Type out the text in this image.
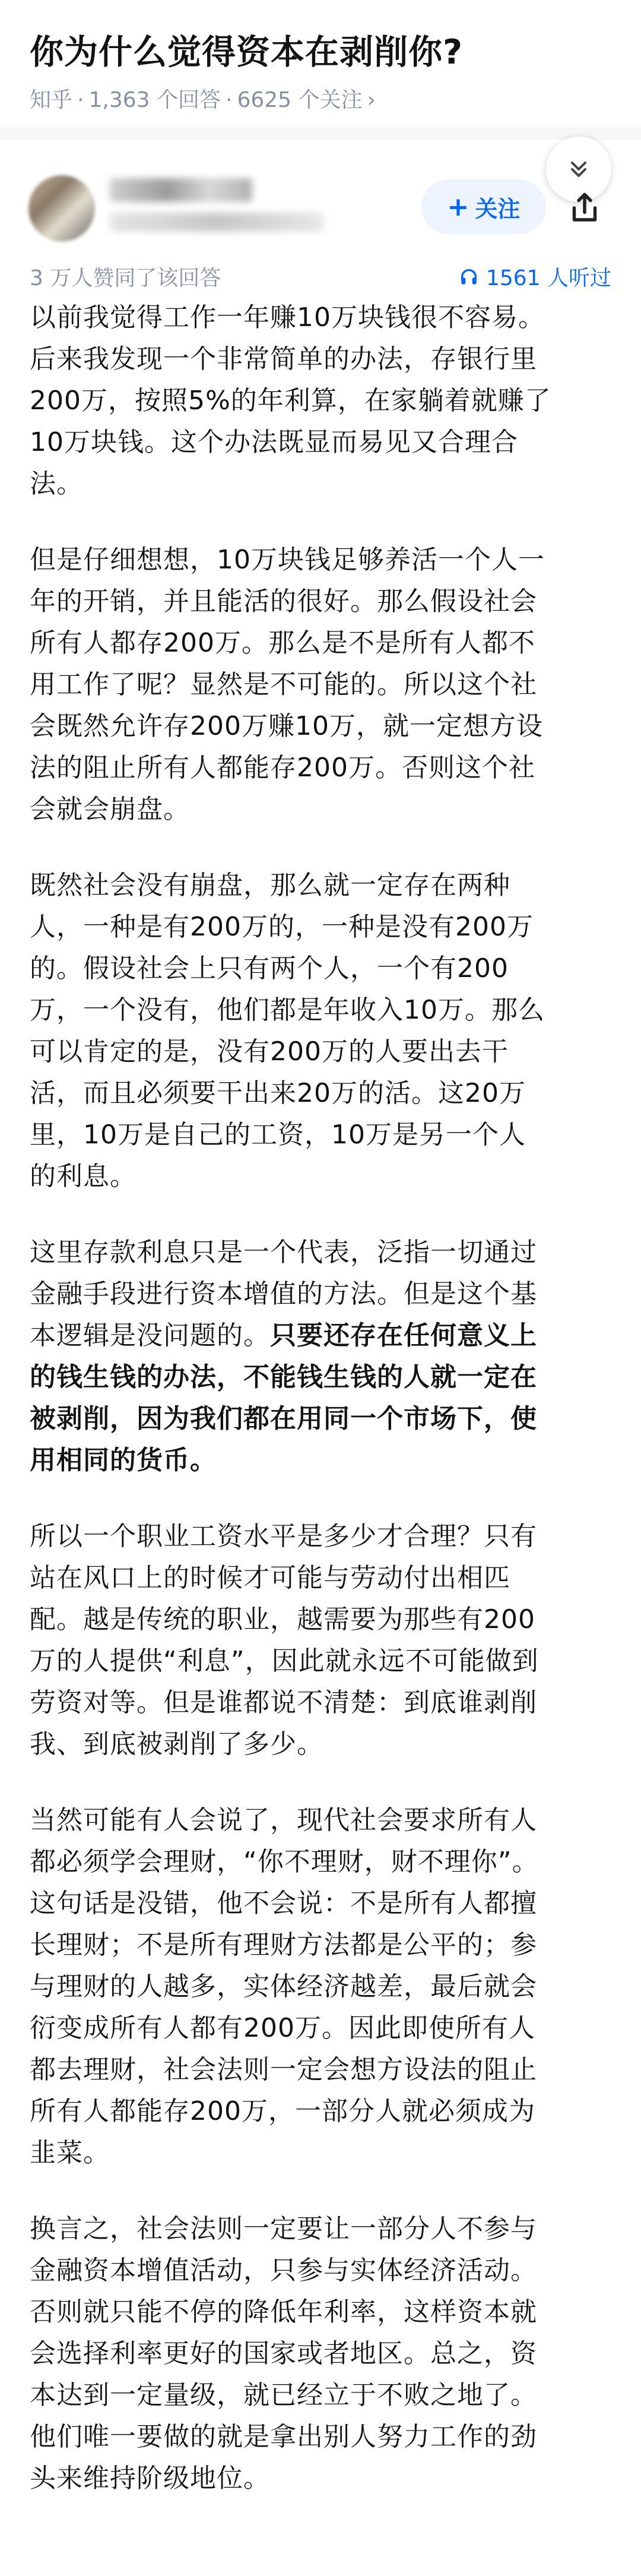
你为什么觉得资本在剥削你?
知乎 · 1,363 个回答 · 6625 个关注 ›
+ 关注
3 万人赞同了该回答	1561 人听过

以前我觉得工作一年赚10万块钱很不容易。
后来我发现一个非常简单的办法，存银行里
200万，按照5%的年利算，在家躺着就赚了
10万块钱。这个办法既显而易见又合理合
法。

但是仔细想想，10万块钱足够养活一个人一
年的开销，并且能活的很好。那么假设社会
所有人都存200万。那么是不是所有人都不
用工作了呢？显然是不可能的。所以这个社
会既然允许存200万赚10万，就一定想方设
法的阻止所有人都能存200万。否则这个社
会就会崩盘。

既然社会没有崩盘，那么就一定存在两种
人，一种是有200万的，一种是没有200万
的。假设社会上只有两个人，一个有200
万，一个没有，他们都是年收入10万。那么
可以肯定的是，没有200万的人要出去干
活，而且必须要干出来20万的活。这20万
里，10万是自己的工资，10万是另一个人
的利息。

这里存款利息只是一个代表，泛指一切通过
金融手段进行资本增值的方法。但是这个基
本逻辑是没问题的。只要还存在任何意义上
的钱生钱的办法，不能钱生钱的人就一定在
被剥削，因为我们都在用同一个市场下，使
用相同的货币。

所以一个职业工资水平是多少才合理？只有
站在风口上的时候才可能与劳动付出相匹
配。越是传统的职业，越需要为那些有200
万的人提供“利息”，因此就永远不可能做到
劳资对等。但是谁都说不清楚：到底谁剥削
我、到底被剥削了多少。

当然可能有人会说了，现代社会要求所有人
都必须学会理财，“你不理财，财不理你”。
这句话是没错，他不会说：不是所有人都擅
长理财；不是所有理财方法都是公平的；参
与理财的人越多，实体经济越差，最后就会
衍变成所有人都有200万。因此即使所有人
都去理财，社会法则一定会想方设法的阻止
所有人都能存200万，一部分人就必须成为
韭菜。

换言之，社会法则一定要让一部分人不参与
金融资本增值活动，只参与实体经济活动。
否则就只能不停的降低年利率，这样资本就
会选择利率更好的国家或者地区。总之，资
本达到一定量级，就已经立于不败之地了。
他们唯一要做的就是拿出别人努力工作的劲
头来维持阶级地位。
